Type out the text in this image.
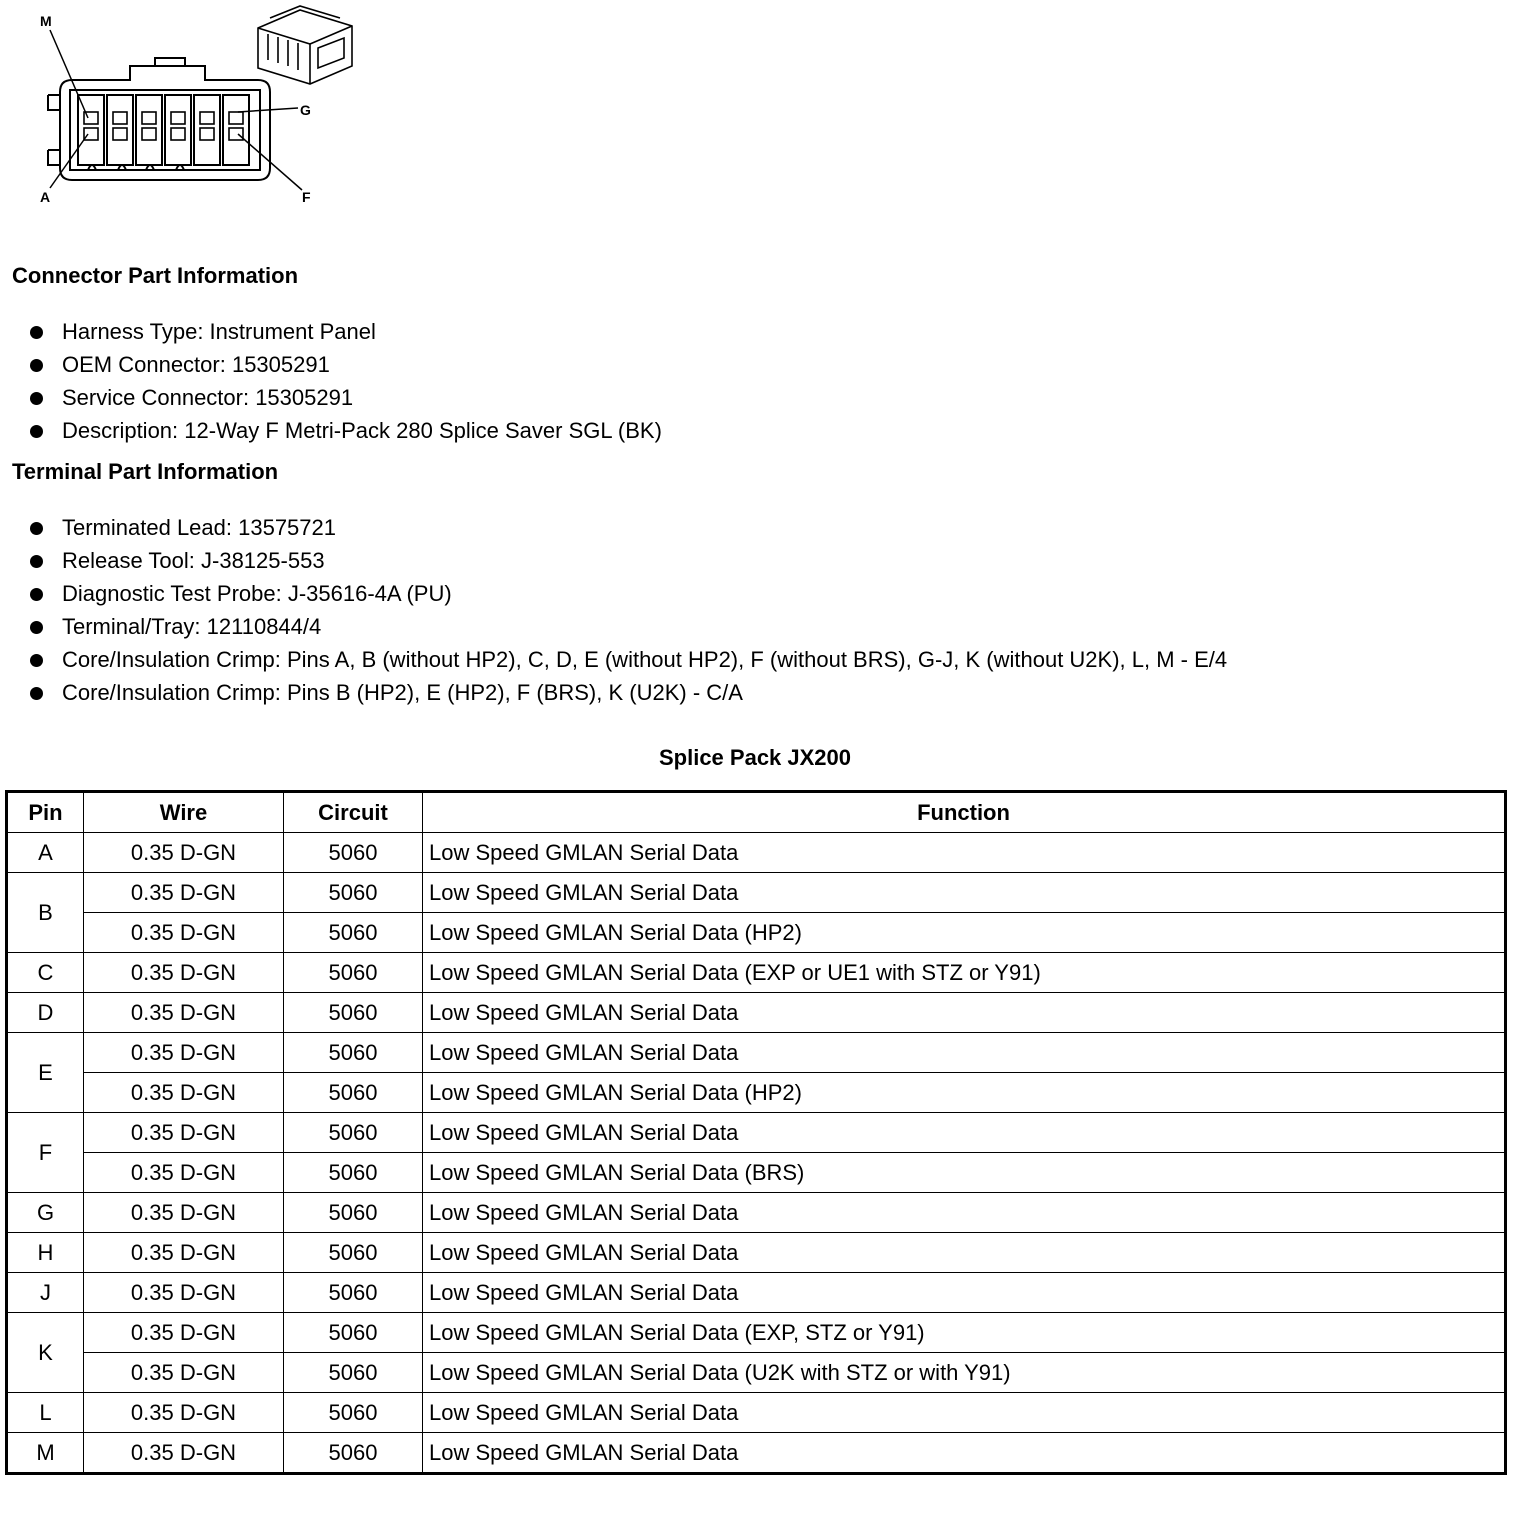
M
G
A	F
Connector Part Information
Harness Type: Instrument Panel
OEM Connector: 15305291
Service Connector: 15305291
Description: 12-Way F Metri-Pack 280 Splice Saver SGL (BK)
Terminal Part Information
Terminated Lead: 13575721
Release Tool: J-38125-553
Diagnostic Test Probe: J-35616-4A (PU)
Terminal/Tray: 12110844/4
Core/Insulation Crimp: Pins A, B (without HP2), C, D, E (without HP2), F (without BRS), G-J, K (without U2K), L, M - E/4
Core/Insulation Crimp: Pins B (HP2), E (HP2), F (BRS), K (U2K) - C/A
Splice Pack JX200
Pin	Wire	Circuit	Function
A	0.35 D-GN	5060	Low Speed GMLAN Serial Data
B	0.35 D-GN	5060	Low Speed GMLAN Serial Data
	0.35 D-GN	5060	Low Speed GMLAN Serial Data (HP2)
C	0.35 D-GN	5060	Low Speed GMLAN Serial Data (EXP or UE1 with STZ or Y91)
D	0.35 D-GN	5060	Low Speed GMLAN Serial Data
E	0.35 D-GN	5060	Low Speed GMLAN Serial Data
	0.35 D-GN	5060	Low Speed GMLAN Serial Data (HP2)
F	0.35 D-GN	5060	Low Speed GMLAN Serial Data
	0.35 D-GN	5060	Low Speed GMLAN Serial Data (BRS)
G	0.35 D-GN	5060	Low Speed GMLAN Serial Data
H	0.35 D-GN	5060	Low Speed GMLAN Serial Data
J	0.35 D-GN	5060	Low Speed GMLAN Serial Data
K	0.35 D-GN	5060	Low Speed GMLAN Serial Data (EXP, STZ or Y91)
	0.35 D-GN	5060	Low Speed GMLAN Serial Data (U2K with STZ or with Y91)
L	0.35 D-GN	5060	Low Speed GMLAN Serial Data
M	0.35 D-GN	5060	Low Speed GMLAN Serial Data
